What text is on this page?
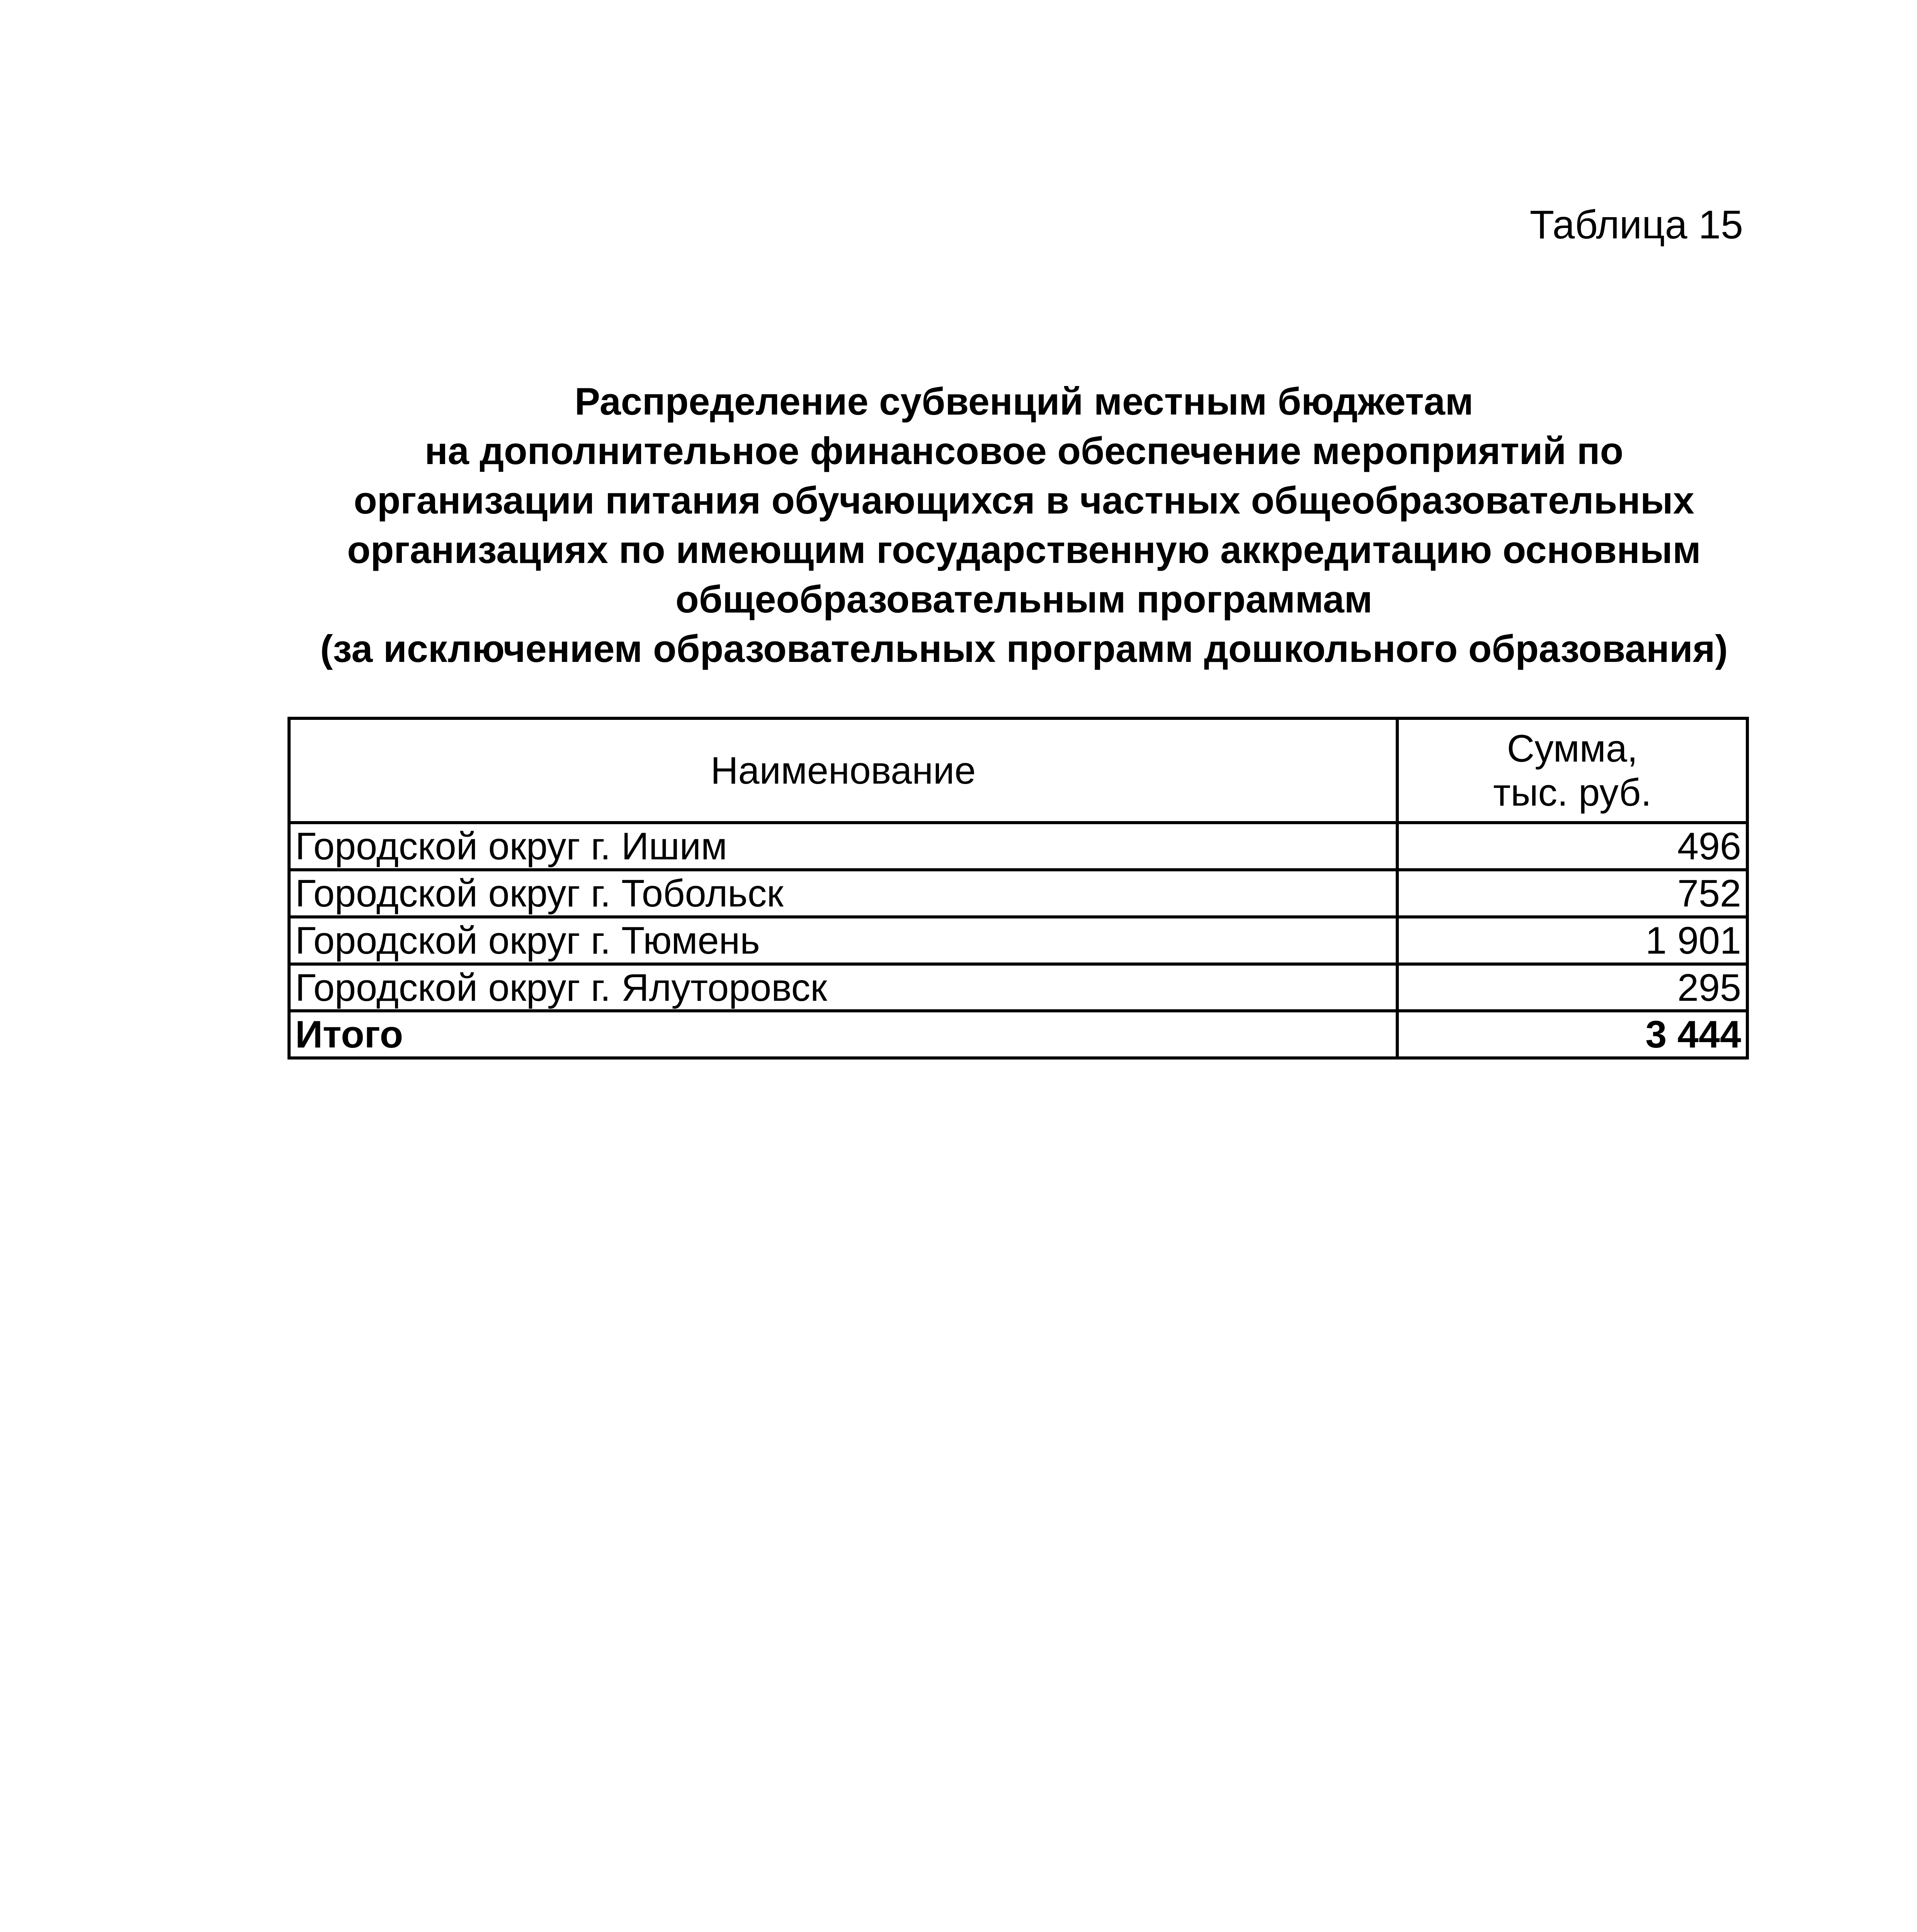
Таблица 15
Распределение субвенций местным бюджетам
на дополнительное финансовое обеспечение мероприятий по
организации питания обучающихся в частных общеобразовательных
организациях по имеющим государственную аккредитацию основным
общеобразовательным программам
(за исключением образовательных программ дошкольного образования)
Наименование	Сумма,
тыс. руб.

Городской округ г. Ишим	496
Городской округ г. Тобольск	752
Городской округ г. Тюмень	1 901
Городской округ г. Ялуторовск	295
Итого	3 444
